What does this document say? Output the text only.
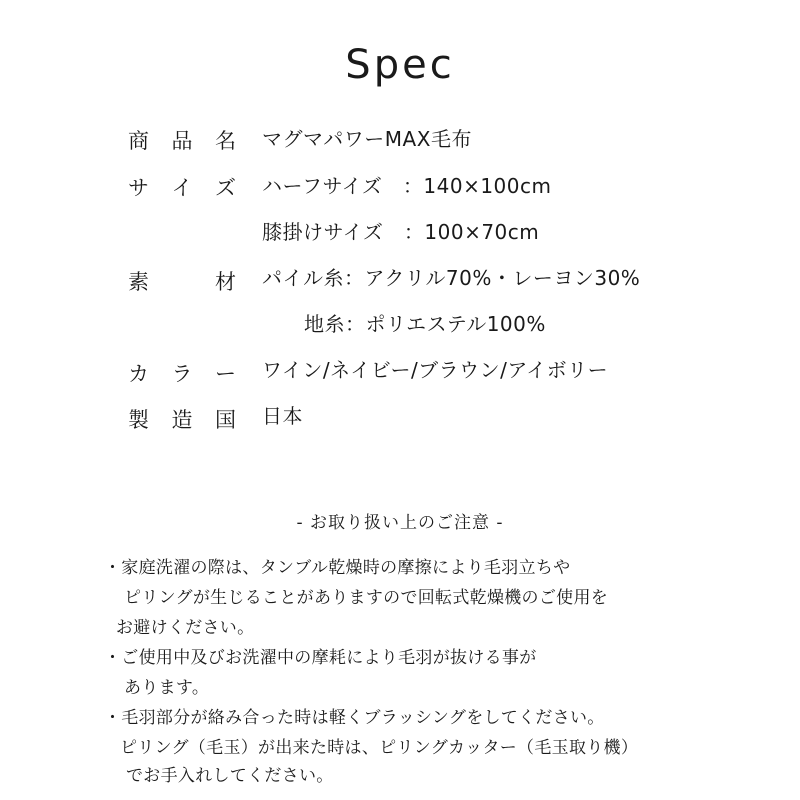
Spec
商 品 名 マグマパワーMAX毛布
サ イ ズ ハーフサイズ　：140×100cm
膝掛けサイズ　：100×70cm
素	材 パイル糸：アクリル70%・レーヨン30%
地糸：ポリエステル100%
カ ラ ー ワイン/ネイビー/ブラウン/アイボリー
製 造 国 日本
- お取り扱い上のご注意 -
・家庭洗濯の際は、タンブル乾燥時の摩擦により毛羽立ちや
ピリングが生じることがありますので回転式乾燥機のご使用を
お避けください。
・ご使用中及びお洗濯中の摩耗により毛羽が抜ける事が
あります。
・毛羽部分が絡み合った時は軽くブラッシングをしてください。
ピリング（毛玉）が出来た時は、ピリングカッター（毛玉取り機）
でお手入れしてください。
